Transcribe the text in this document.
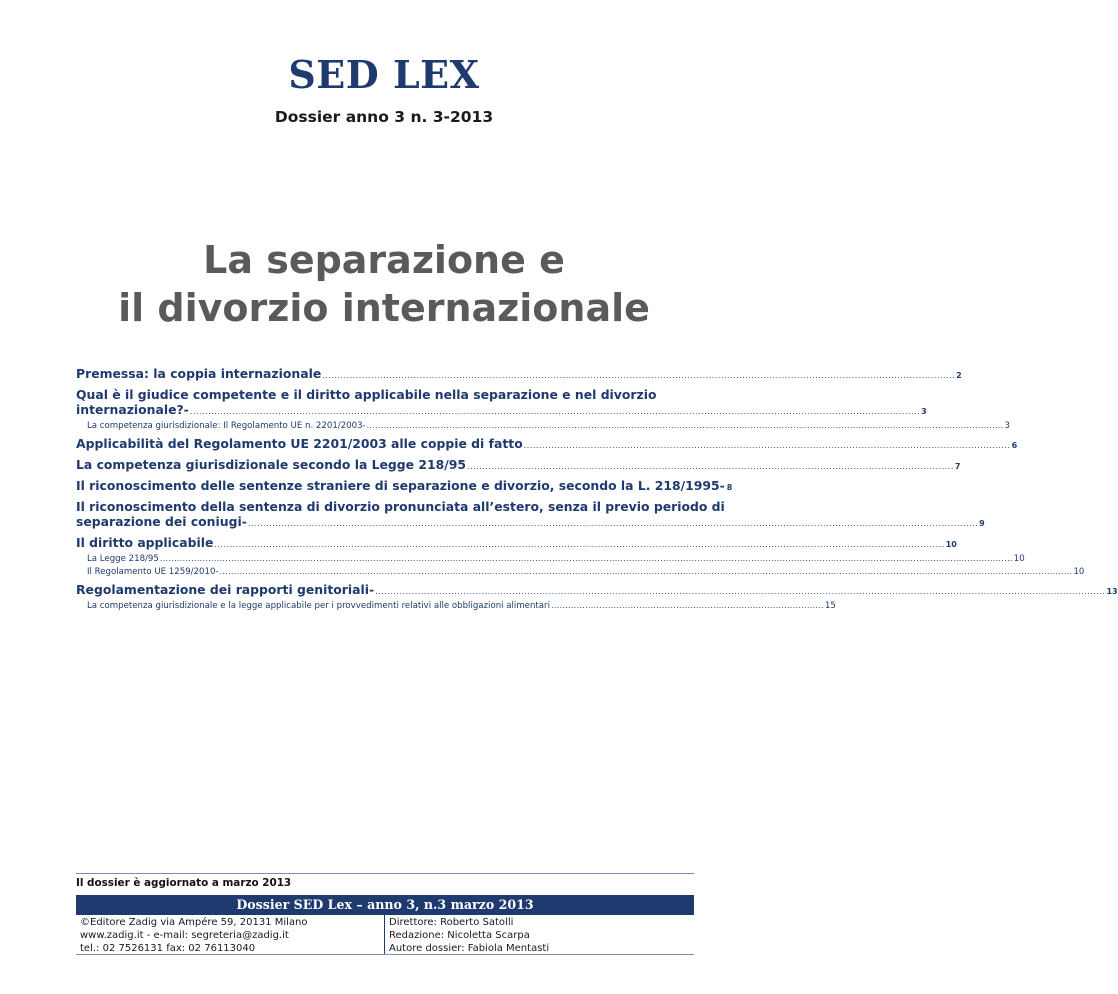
SED LEX
Dossier anno 3 n. 3-2013
La separazione e
il divorzio internazionale
Premessa: la coppia internazionale ................................................................................................................................................................................................................ 2
Qual è il giudice competente e il diritto applicabile nella separazione e nel divorzio
internazionale?- ................................................................................................................................................................................................................................................ 3
La competenza giurisdizionale: Il Regolamento UE n. 2201/2003- ................................................................................................................................................................................................................................ 3
Applicabilità del Regolamento UE 2201/2003 alle coppie di fatto ................................................................................................................................................................ 6
La competenza giurisdizionale secondo la Legge 218/95 ................................................................................................................................................................ 7
Il riconoscimento delle sentenze straniere di separazione e divorzio, secondo la L. 218/1995- 8
Il riconoscimento della sentenza di divorzio pronunciata all’estero, senza il previo periodo di
separazione dei coniugi- ................................................................................................................................................................................................................................................ 9
Il diritto applicabile ................................................................................................................................................................................................................................................ 10
La Legge 218/95 ............................................................................................................................................................................................................................................................................................................ 10
Il Regolamento UE 1259/2010- ............................................................................................................................................................................................................................................................................................................ 10
Regolamentazione dei rapporti genitoriali- ................................................................................................................................................................................................................................................ 13
La competenza giurisdizionale e la legge applicabile per i provvedimenti relativi alle obbligazioni alimentari ................................................................................................ 15
Il dossier è aggiornato a marzo 2013
Dossier SED Lex – anno 3, n.3 marzo 2013
©Editore Zadig via Ampére 59, 20131 Milano
www.zadig.it - e-mail: segreteria@zadig.it
tel.: 02 7526131 fax: 02 76113040
Direttore: Roberto Satolli
Redazione: Nicoletta Scarpa
Autore dossier: Fabiola Mentasti
